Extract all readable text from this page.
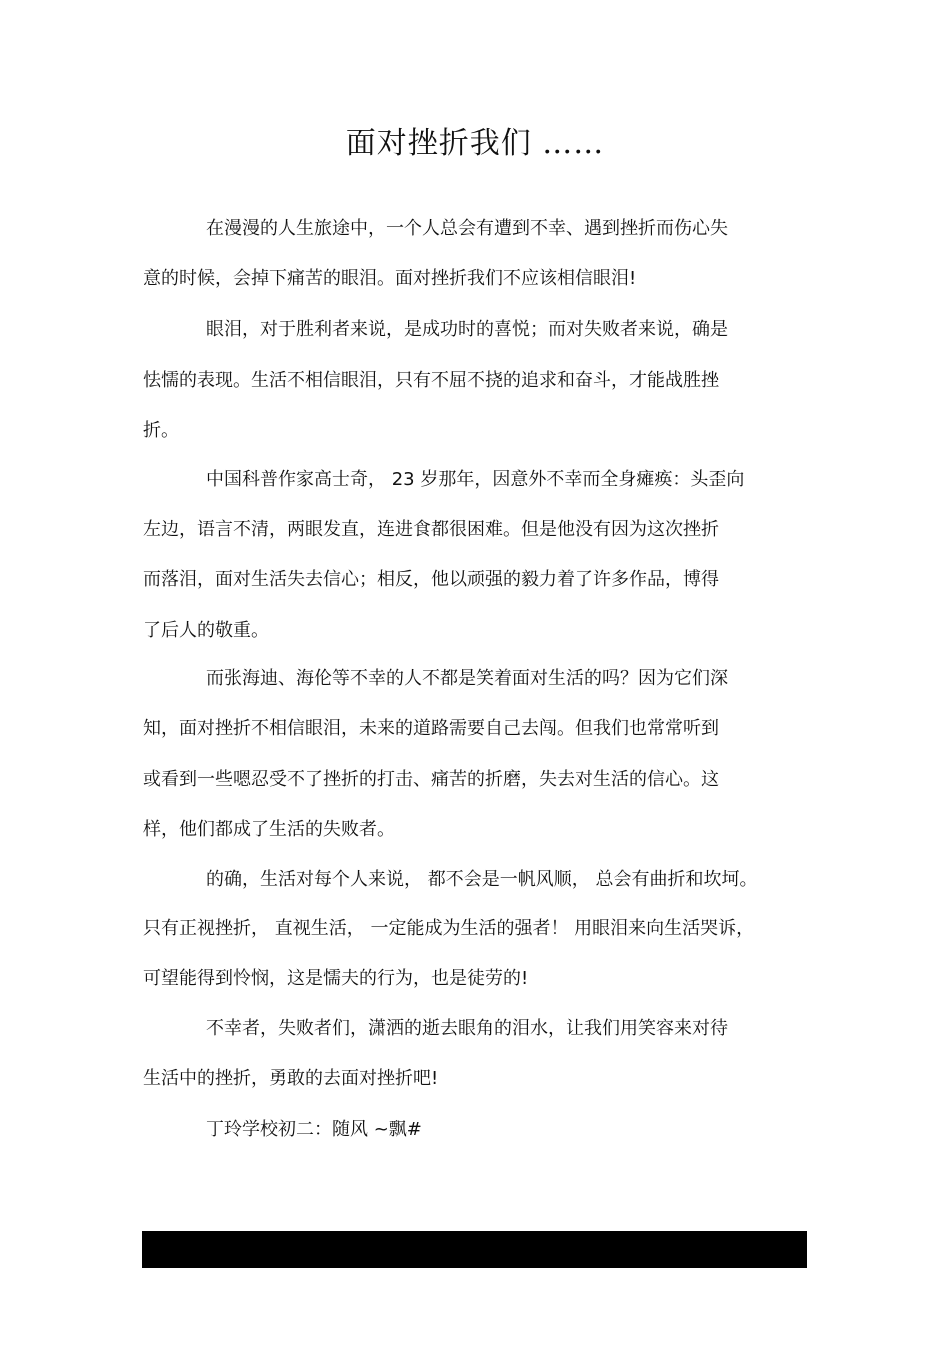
面对挫折我们 ……
在漫漫的人生旅途中，一个人总会有遭到不幸、遇到挫折而伤心失
意的时候，会掉下痛苦的眼泪。面对挫折我们不应该相信眼泪!
眼泪，对于胜利者来说，是成功时的喜悦；而对失败者来说，确是
怯懦的表现。生活不相信眼泪，只有不屈不挠的追求和奋斗，才能战胜挫
折。
中国科普作家高士奇， 23 岁那年，因意外不幸而全身瘫痪：头歪向
左边，语言不清，两眼发直，连进食都很困难。但是他没有因为这次挫折
而落泪，面对生活失去信心；相反，他以顽强的毅力着了许多作品，博得
了后人的敬重。
而张海迪、海伦等不幸的人不都是笑着面对生活的吗？因为它们深
知，面对挫折不相信眼泪，未来的道路需要自己去闯。但我们也常常听到
或看到一些嗯忍受不了挫折的打击、痛苦的折磨，失去对生活的信心。这
样，他们都成了生活的失败者。
的确，生活对每个人来说， 都不会是一帆风顺， 总会有曲折和坎坷。
只有正视挫折， 直视生活， 一定能成为生活的强者！ 用眼泪来向生活哭诉，
可望能得到怜悯，这是懦夫的行为，也是徒劳的!
不幸者，失败者们，潇洒的逝去眼角的泪水，让我们用笑容来对待
生活中的挫折，勇敢的去面对挫折吧!
丁玲学校初二：随风 ~飘#
